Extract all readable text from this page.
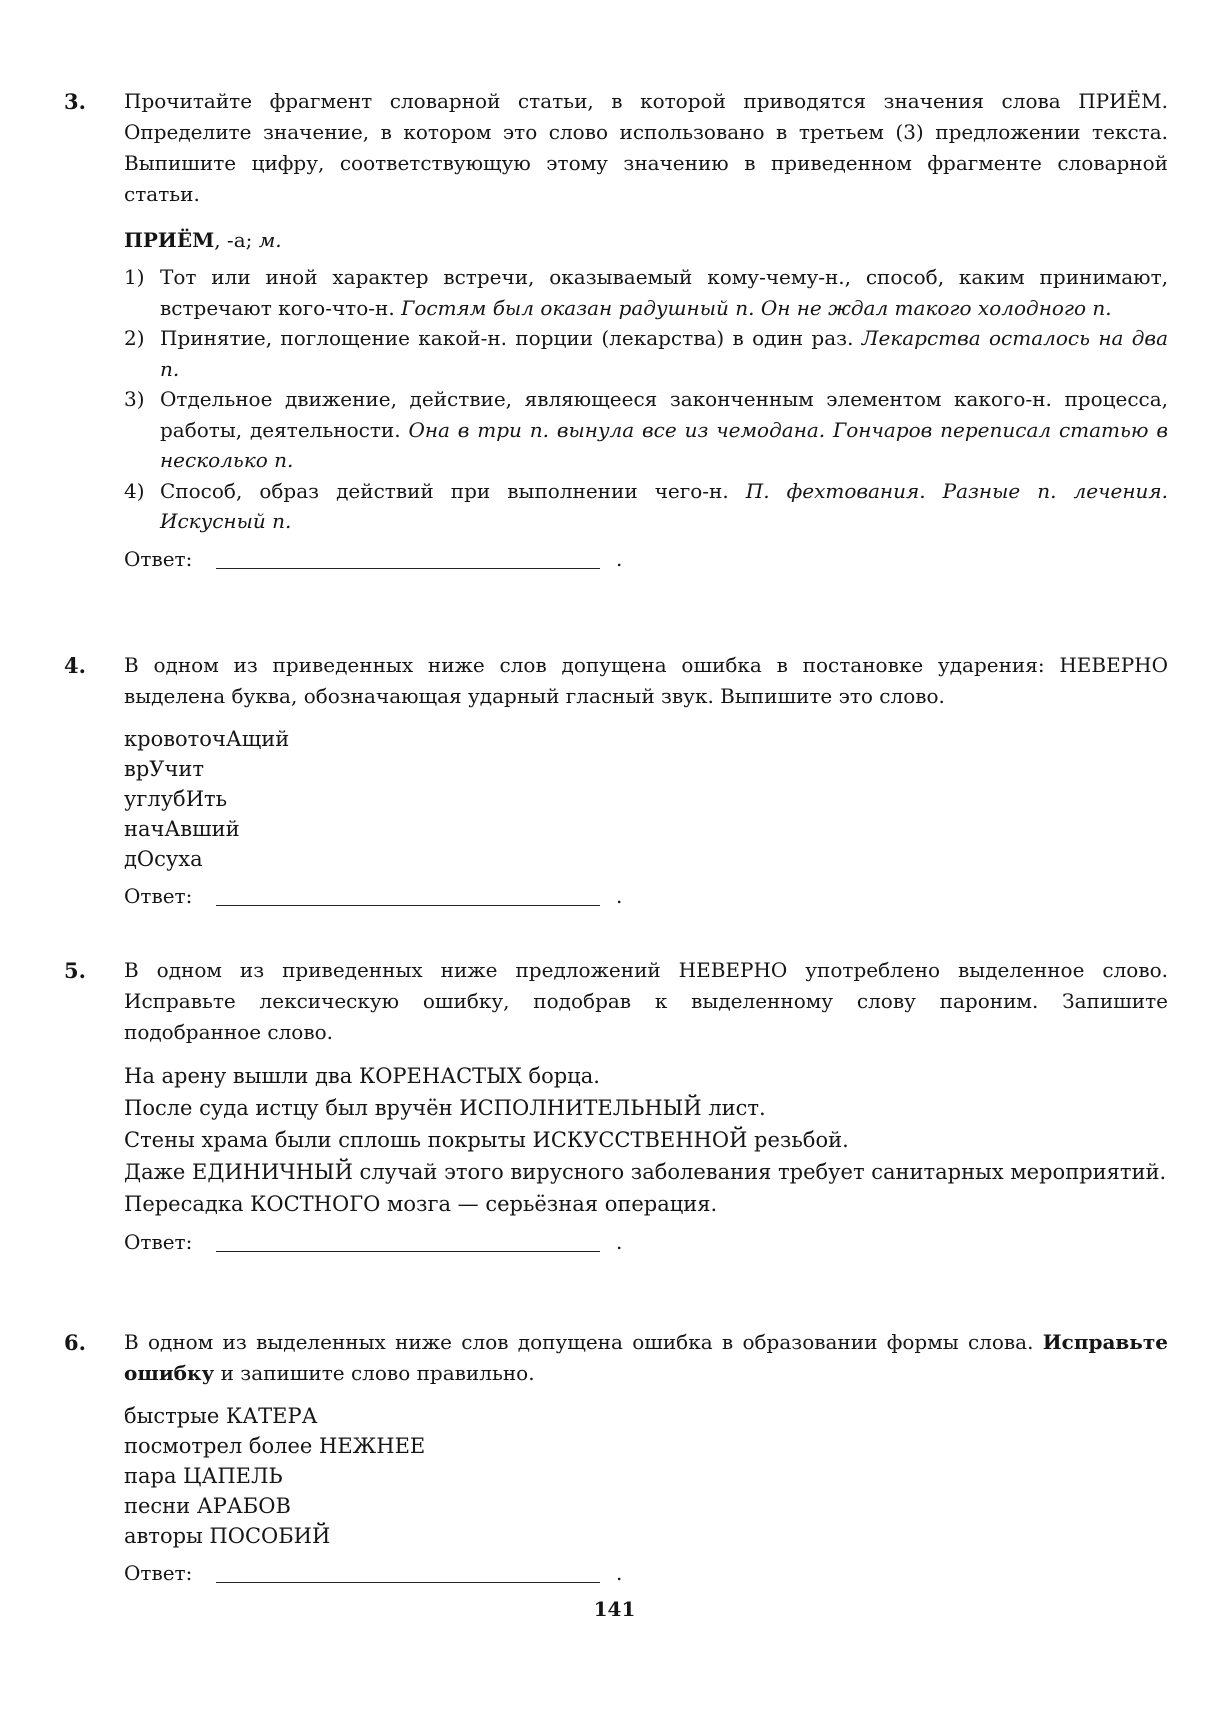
3. Прочитайте фрагмент словарной статьи, в которой приводятся значения слова ПРИЁМ. Определите значение, в котором это слово использовано в третьем (3) предложении текста. Выпишите цифру, соответствующую этому значению в приведенном фрагменте словарной статьи.

ПРИЁМ, -а; м.

1) Тот или иной характер встречи, оказываемый кому-чему-н., способ, каким принимают, встречают кого-что-н. Гостям был оказан радушный п. Он не ждал такого холодного п.

2) Принятие, поглощение какой-н. порции (лекарства) в один раз. Лекарства осталось на два п.

3) Отдельное движение, действие, являющееся законченным элементом какого-н. процесса, работы, деятельности. Она в три п. вынула все из чемодана. Гончаров переписал статью в несколько п.

4) Способ, образ действий при выполнении чего-н. П. фехтования. Разные п. лечения. Искусный п.

Ответ:	.
4. В одном из приведенных ниже слов допущена ошибка в постановке ударения: НЕВЕРНО выделена буква, обозначающая ударный гласный звук. Выпишите это слово.

кровоточАщий
врУчит
углубИть
начАвший
дОсуха
Ответ:	.
5. В одном из приведенных ниже предложений НЕВЕРНО употреблено выделенное слово. Исправьте лексическую ошибку, подобрав к выделенному слову пароним. Запишите подобранное слово.

На арену вышли два КОРЕНАСТЫХ борца.
После суда истцу был вручён ИСПОЛНИТЕЛЬНЫЙ лист.
Стены храма были сплошь покрыты ИСКУССТВЕННОЙ резьбой.
Даже ЕДИНИЧНЫЙ случай этого вирусного заболевания требует санитарных мероприятий.
Пересадка КОСТНОГО мозга — серьёзная операция.
Ответ:	.
6. В одном из выделенных ниже слов допущена ошибка в образовании формы слова. Исправьте ошибку и запишите слово правильно.

быстрые КАТЕРА
посмотрел более НЕЖНЕЕ
пара ЦАПЕЛЬ
песни АРАБОВ
авторы ПОСОБИЙ
Ответ:	.
141
